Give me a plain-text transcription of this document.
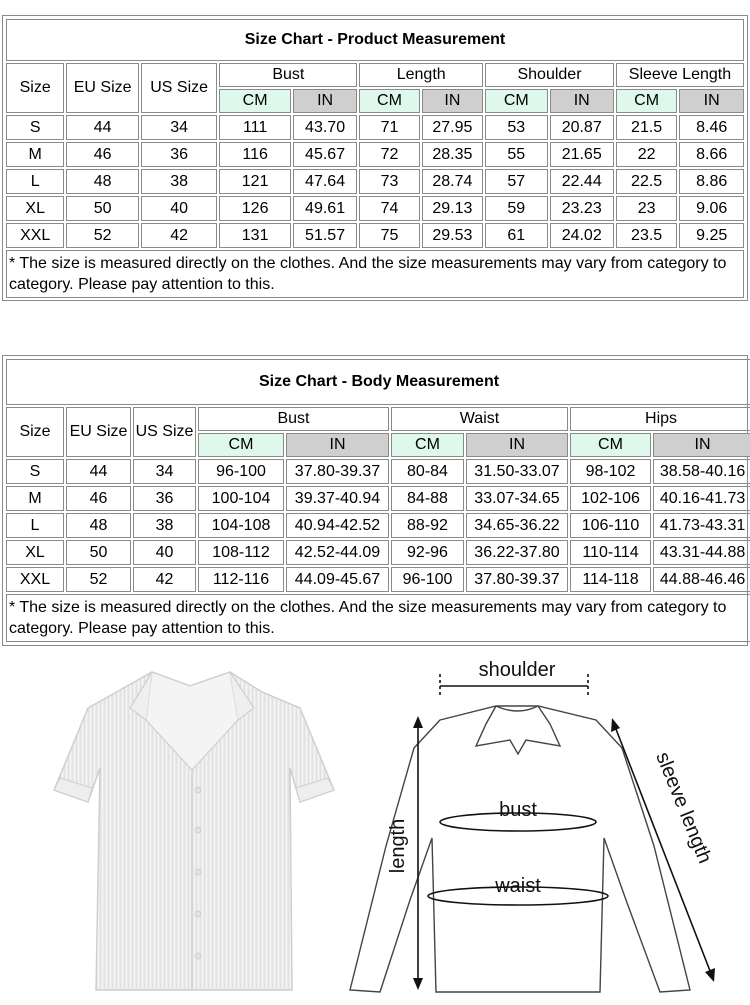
Size Chart - Product Measurement										
Size	EU Size	US Size	Bust		Length		Shoulder		Sleeve Length	
			CM	IN	CM	IN	CM	IN	CM	IN
S	44	34	111	43.70	71	27.95	53	20.87	21.5	8.46
M	46	36	116	45.67	72	28.35	55	21.65	22	8.66
L	48	38	121	47.64	73	28.74	57	22.44	22.5	8.86
XL	50	40	126	49.61	74	29.13	59	23.23	23	9.06
XXL	52	42	131	51.57	75	29.53	61	24.02	23.5	9.25
* The size is measured directly on the clothes. And the size measurements may vary from category to category. Please pay attention to this.										
Size Chart - Body Measurement								
Size	EU Size	US Size	Bust		Waist		Hips	
			CM	IN	CM	IN	CM	IN
S	44	34	96-100	37.80-39.37	80-84	31.50-33.07	98-102	38.58-40.16
M	46	36	100-104	39.37-40.94	84-88	33.07-34.65	102-106	40.16-41.73
L	48	38	104-108	40.94-42.52	88-92	34.65-36.22	106-110	41.73-43.31
XL	50	40	108-112	42.52-44.09	92-96	36.22-37.80	110-114	43.31-44.88
XXL	52	42	112-116	44.09-45.67	96-100	37.80-39.37	114-118	44.88-46.46
* The size is measured directly on the clothes. And the size measurements may vary from category to category. Please pay attention to this.								
shoulder
bust
waist
length	sleeve length
